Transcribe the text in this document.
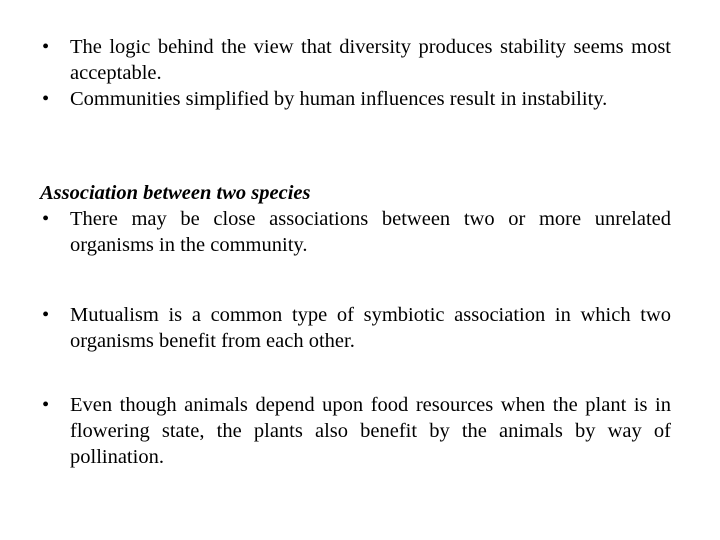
• The logic behind the view that diversity produces stability seems most acceptable.
• Communities simplified by human influences result in instability.

Association between two species

• There may be close associations between two or more unrelated organisms in the community.
• Mutualism is a common type of symbiotic association in which two organisms benefit from each other.
• Even though animals depend upon food resources when the plant is in flowering state, the plants also benefit by the animals by way of pollination.
